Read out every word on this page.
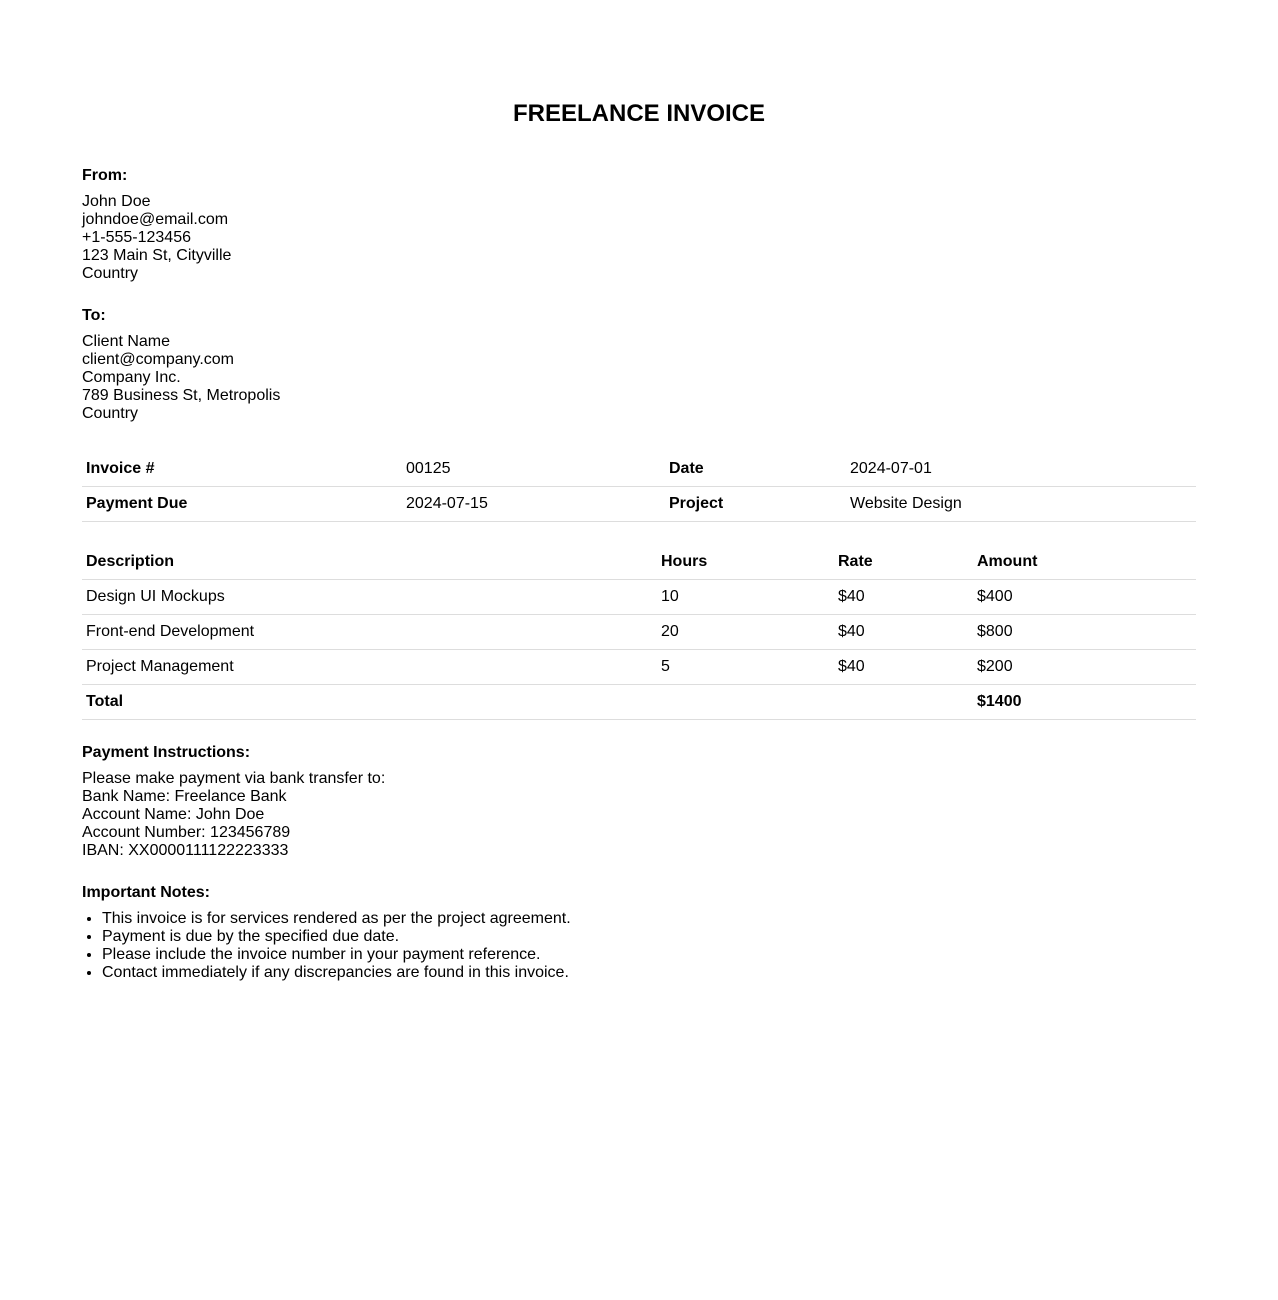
FREELANCE INVOICE
From:
John Doe
johndoe@email.com
+1-555-123456
123 Main St, Cityville
Country
To:
Client Name
client@company.com
Company Inc.
789 Business St, Metropolis
Country
Invoice #	00125	Date	2024-07-01
Payment Due	2024-07-15	Project	Website Design
Description	Hours	Rate	Amount
Design UI Mockups	10	$40	$400
Front-end Development	20	$40	$800
Project Management	5	$40	$200
Total			$1400
Payment Instructions:
Please make payment via bank transfer to:
Bank Name: Freelance Bank
Account Name: John Doe
Account Number: 123456789
IBAN: XX0000111122223333
Important Notes:
• This invoice is for services rendered as per the project agreement.
• Payment is due by the specified due date.
• Please include the invoice number in your payment reference.
• Contact immediately if any discrepancies are found in this invoice.
